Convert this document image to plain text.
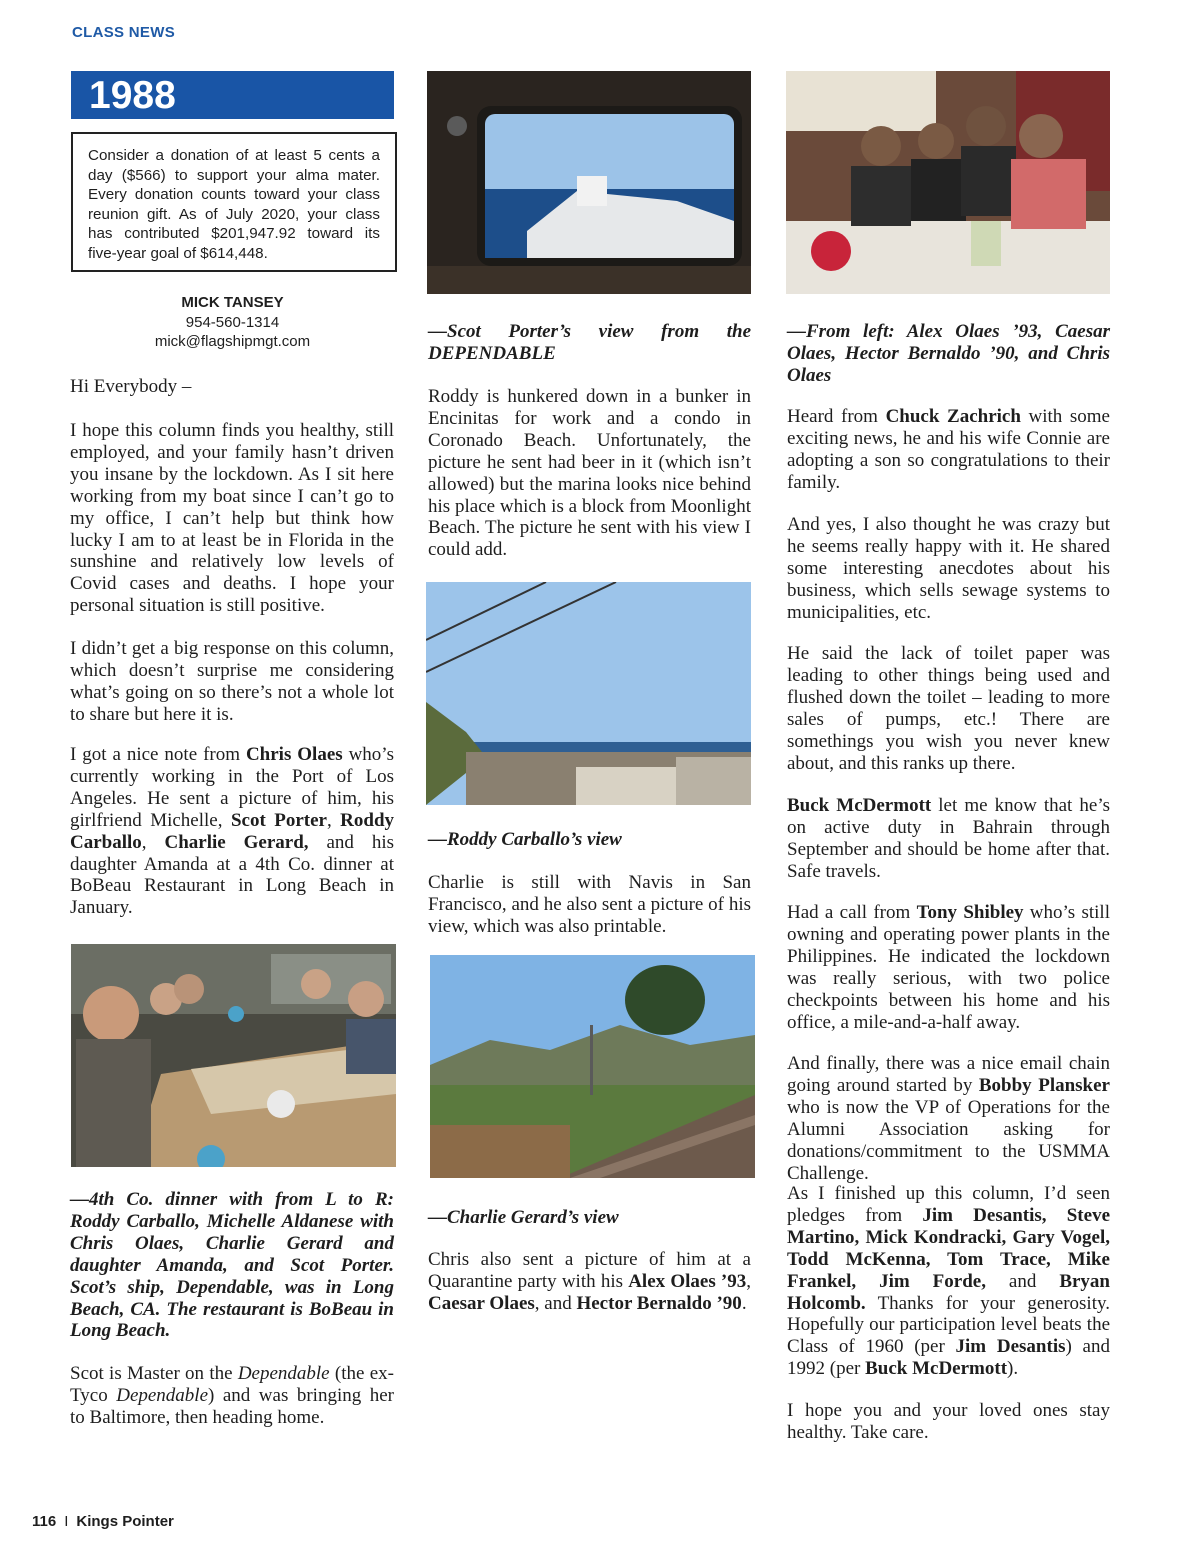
CLASS NEWS
1988
Consider a donation of at least 5 cents a day ($566) to support your alma mater. Every donation counts toward your class reunion gift. As of July 2020, your class has contributed $201,947.92 toward its five-year goal of $614,448.
MICK TANSEY
954-560-1314
mick@flagshipmgt.com

Hi Everybody –

I hope this column finds you healthy, still employed, and your family hasn’t driven you insane by the lockdown. As I sit here working from my boat since I can’t go to my office, I can’t help but think how lucky I am to at least be in Florida in the sunshine and relatively low levels of Covid cases and deaths. I hope your personal situation is still positive.

I didn’t get a big response on this column, which doesn’t surprise me considering what’s going on so there’s not a whole lot to share but here it is.

I got a nice note from Chris Olaes who’s currently working in the Port of Los Angeles. He sent a picture of him, his girlfriend Michelle, Scot Porter, Roddy Carballo, Charlie Gerard, and his daughter Amanda at a 4th Co. dinner at BoBeau Restaurant in Long Beach in January.

—4th Co. dinner with from L to R: Roddy Carballo, Michelle Aldanese with Chris Olaes, Charlie Gerard and daughter Amanda, and Scot Porter. Scot’s ship, Dependable, was in Long Beach, CA. The restaurant is BoBeau in Long Beach.

Scot is Master on the Dependable (the ex-Tyco Dependable) and was bringing her to Baltimore, then heading home.

—Scot Porter’s view from the DEPENDABLE

Roddy is hunkered down in a bunker in Encinitas for work and a condo in Coronado Beach. Unfortunately, the picture he sent had beer in it (which isn’t allowed) but the marina looks nice behind his place which is a block from Moonlight Beach. The picture he sent with his view I could add.

—Roddy Carballo’s view

Charlie is still with Navis in San Francisco, and he also sent a picture of his view, which was also printable.

—Charlie Gerard’s view

Chris also sent a picture of him at a Quarantine party with his Alex Olaes ’93, Caesar Olaes, and Hector Bernaldo ’90.

—From left: Alex Olaes ’93, Caesar Olaes, Hector Bernaldo ’90, and Chris Olaes

Heard from Chuck Zachrich with some exciting news, he and his wife Connie are adopting a son so congratulations to their family.

And yes, I also thought he was crazy but he seems really happy with it. He shared some interesting anecdotes about his business, which sells sewage systems to municipalities, etc.

He said the lack of toilet paper was leading to other things being used and flushed down the toilet – leading to more sales of pumps, etc.! There are somethings you wish you never knew about, and this ranks up there.

Buck McDermott let me know that he’s on active duty in Bahrain through September and should be home after that. Safe travels.

Had a call from Tony Shibley who’s still owning and operating power plants in the Philippines. He indicated the lockdown was really serious, with two police checkpoints between his home and his office, a mile-and-a-half away.

And finally, there was a nice email chain going around started by Bobby Plansker who is now the VP of Operations for the Alumni Association asking for donations/commitment to the USMMA Challenge.

As I finished up this column, I’d seen pledges from Jim Desantis, Steve Martino, Mick Kondracki, Gary Vogel, Todd McKenna, Tom Trace, Mike Frankel, Jim Forde, and Bryan Holcomb. Thanks for your generosity. Hopefully our participation level beats the Class of 1960 (per Jim Desantis) and 1992 (per Buck McDermott).

I hope you and your loved ones stay healthy. Take care.

116 I Kings Pointer
